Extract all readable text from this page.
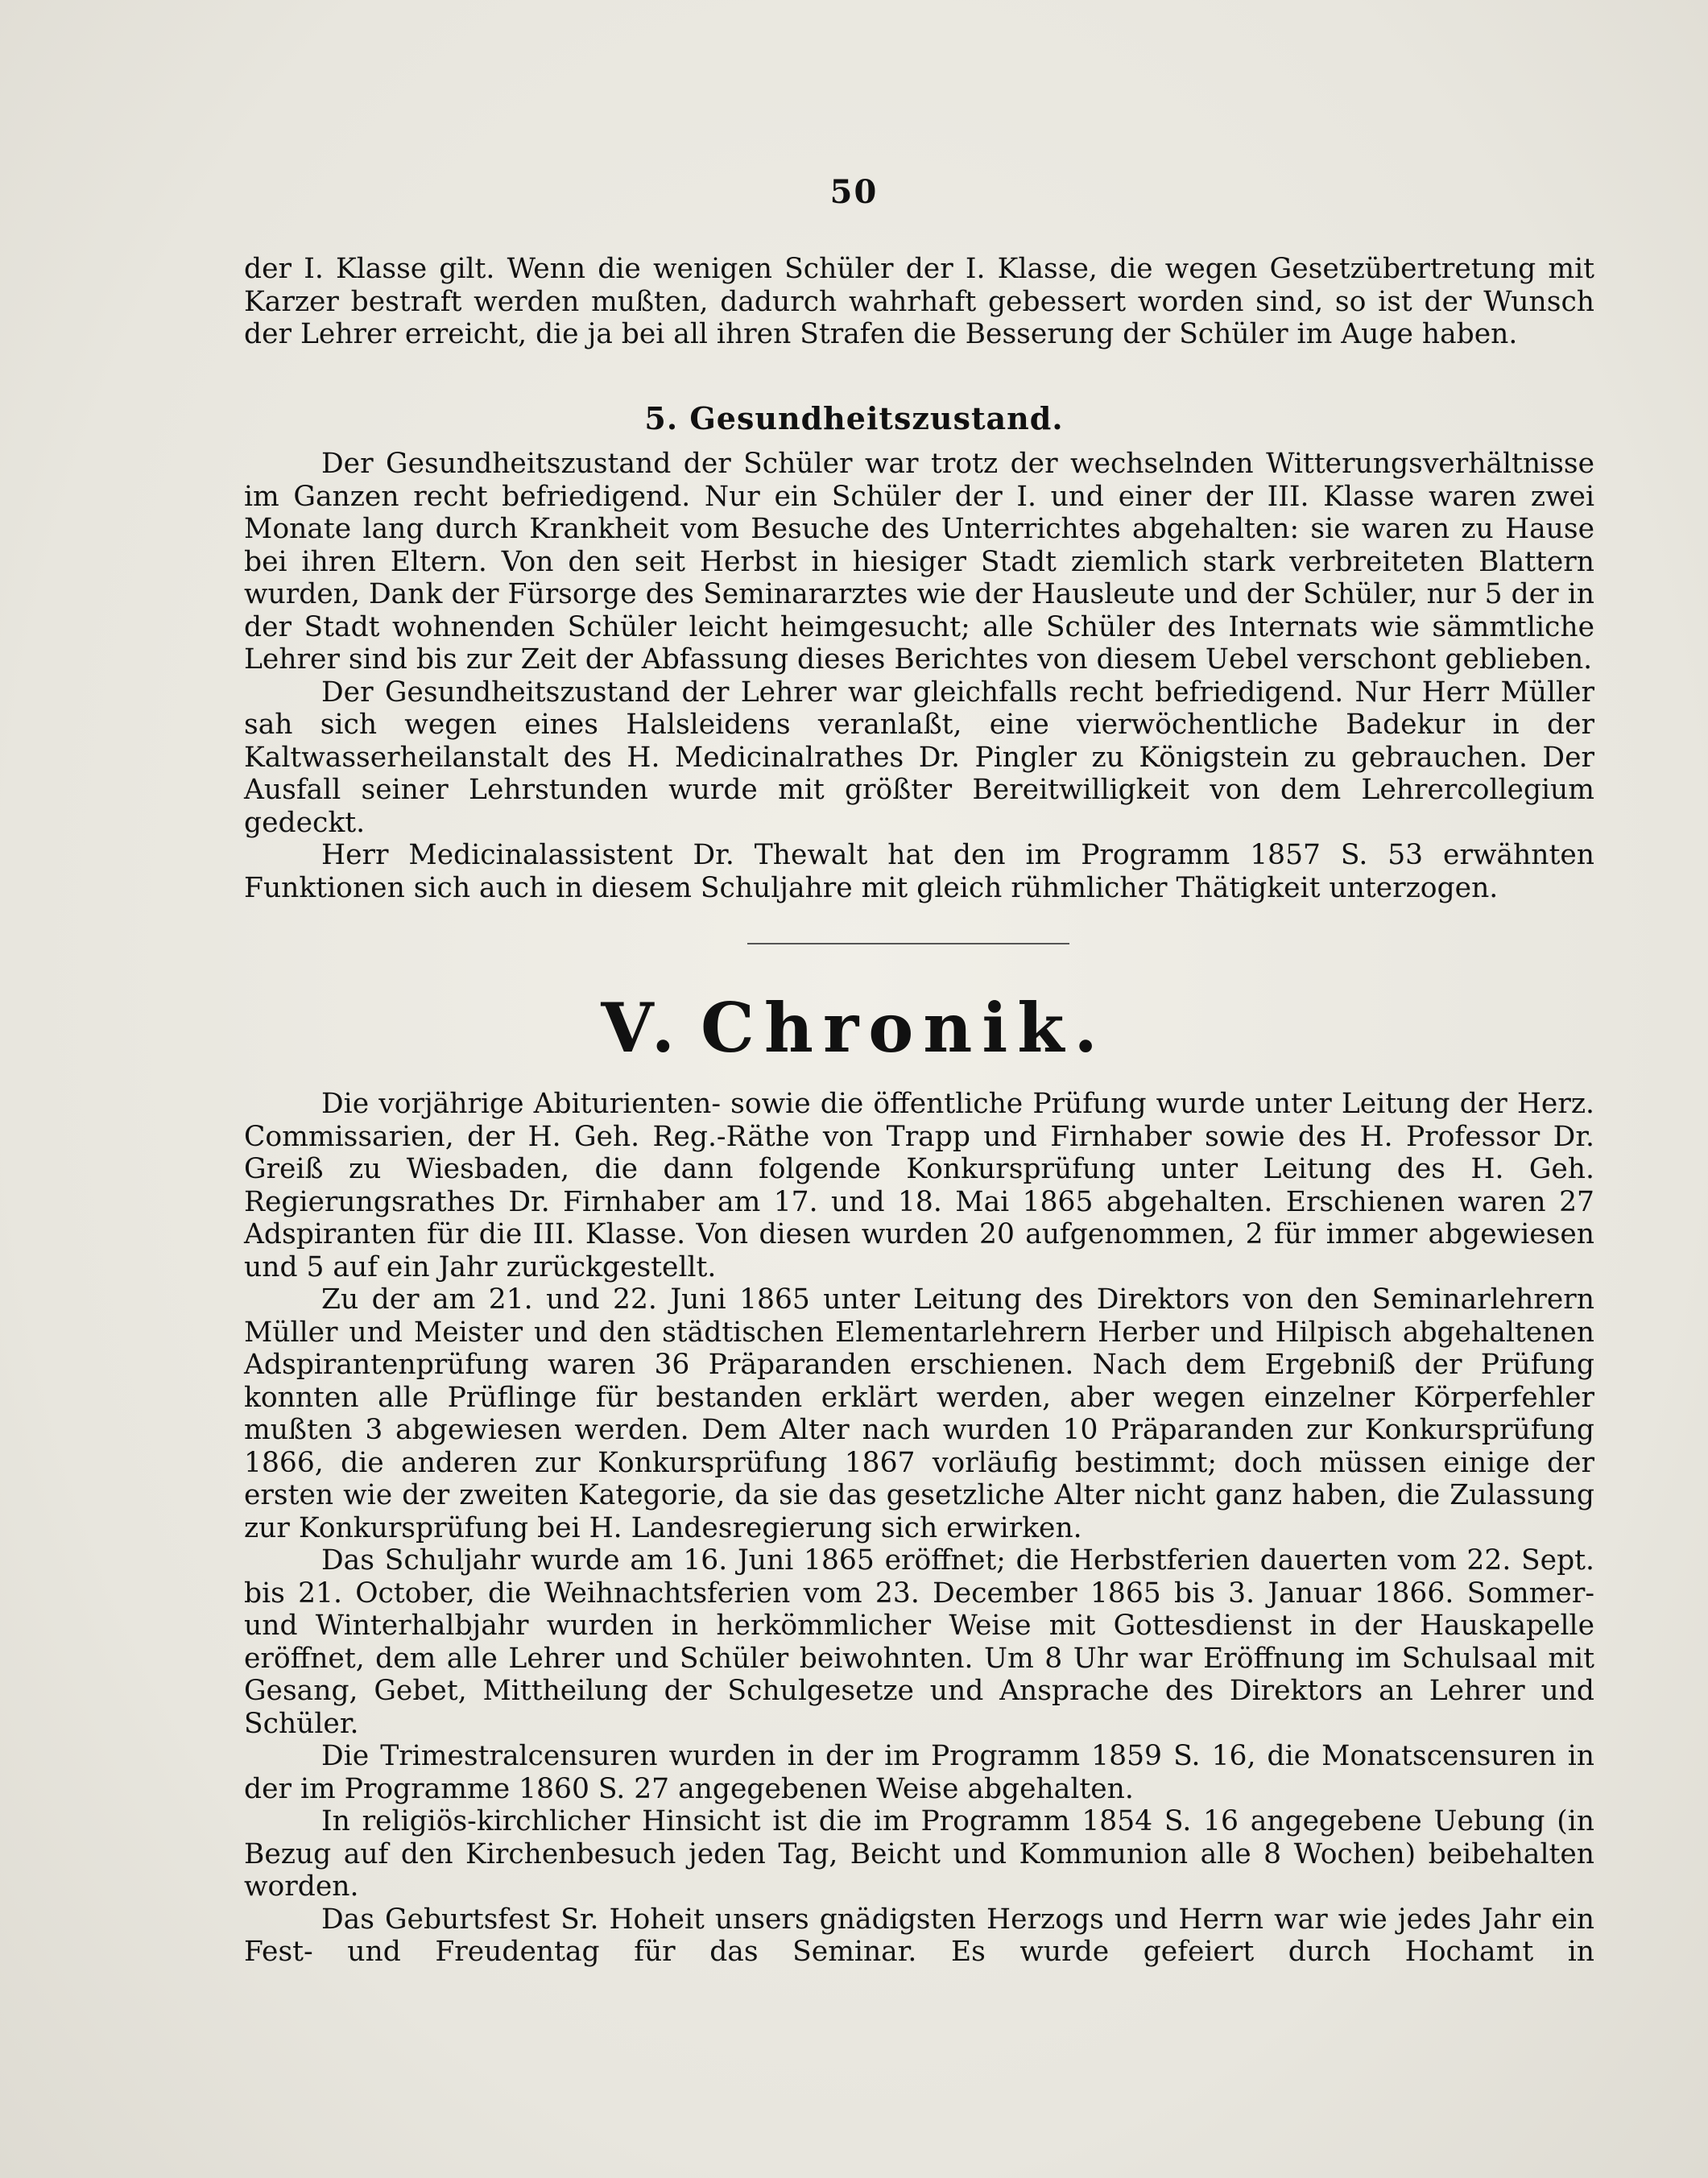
50

der I. Klasse gilt. Wenn die wenigen Schüler der I. Klasse, die wegen Gesetzübertretung mit Karzer bestraft werden mußten, dadurch wahrhaft gebessert worden sind, so ist der Wunsch der Lehrer erreicht, die ja bei all ihren Strafen die Besserung der Schüler im Auge haben.

5. Gesundheitszustand.

Der Gesundheitszustand der Schüler war trotz der wechselnden Witterungsverhältnisse im Ganzen recht befriedigend. Nur ein Schüler der I. und einer der III. Klasse waren zwei Monate lang durch Krankheit vom Besuche des Unterrichtes abgehalten: sie waren zu Hause bei ihren Eltern. Von den seit Herbst in hiesiger Stadt ziemlich stark verbreiteten Blattern wurden, Dank der Fürsorge des Seminararztes wie der Hausleute und der Schüler, nur 5 der in der Stadt wohnenden Schüler leicht heimgesucht; alle Schüler des Internats wie sämmtliche Lehrer sind bis zur Zeit der Abfassung dieses Berichtes von diesem Uebel verschont geblieben.

Der Gesundheitszustand der Lehrer war gleichfalls recht befriedigend. Nur Herr Müller sah sich wegen eines Halsleidens veranlaßt, eine vierwöchentliche Badekur in der Kaltwasserheilanstalt des H. Medicinalrathes Dr. Pingler zu Königstein zu gebrauchen. Der Ausfall seiner Lehrstunden wurde mit größter Bereitwilligkeit von dem Lehrercollegium gedeckt.

Herr Medicinalassistent Dr. Thewalt hat den im Programm 1857 S. 53 erwähnten Funktionen sich auch in diesem Schuljahre mit gleich rühmlicher Thätigkeit unterzogen.

V. Chronik.

Die vorjährige Abiturienten- sowie die öffentliche Prüfung wurde unter Leitung der Herz. Commissarien, der H. Geh. Reg.-Räthe von Trapp und Firnhaber sowie des H. Professor Dr. Greiß zu Wiesbaden, die dann folgende Konkursprüfung unter Leitung des H. Geh. Regierungsrathes Dr. Firnhaber am 17. und 18. Mai 1865 abgehalten. Erschienen waren 27 Adspiranten für die III. Klasse. Von diesen wurden 20 aufgenommen, 2 für immer abgewiesen und 5 auf ein Jahr zurückgestellt.

Zu der am 21. und 22. Juni 1865 unter Leitung des Direktors von den Seminarlehrern Müller und Meister und den städtischen Elementarlehrern Herber und Hilpisch abgehaltenen Adspirantenprüfung waren 36 Präparanden erschienen. Nach dem Ergebniß der Prüfung konnten alle Prüflinge für bestanden erklärt werden, aber wegen einzelner Körperfehler mußten 3 abgewiesen werden. Dem Alter nach wurden 10 Präparanden zur Konkursprüfung 1866, die anderen zur Konkursprüfung 1867 vorläufig bestimmt; doch müssen einige der ersten wie der zweiten Kategorie, da sie das gesetzliche Alter nicht ganz haben, die Zulassung zur Konkursprüfung bei H. Landesregierung sich erwirken.

Das Schuljahr wurde am 16. Juni 1865 eröffnet; die Herbstferien dauerten vom 22. Sept. bis 21. October, die Weihnachtsferien vom 23. December 1865 bis 3. Januar 1866. Sommer- und Winterhalbjahr wurden in herkömmlicher Weise mit Gottesdienst in der Hauskapelle eröffnet, dem alle Lehrer und Schüler beiwohnten. Um 8 Uhr war Eröffnung im Schulsaal mit Gesang, Gebet, Mittheilung der Schulgesetze und Ansprache des Direktors an Lehrer und Schüler.

Die Trimestralcensuren wurden in der im Programm 1859 S. 16, die Monatscensuren in der im Programme 1860 S. 27 angegebenen Weise abgehalten.

In religiös-kirchlicher Hinsicht ist die im Programm 1854 S. 16 angegebene Uebung (in Bezug auf den Kirchenbesuch jeden Tag, Beicht und Kommunion alle 8 Wochen) beibehalten worden.

Das Geburtsfest Sr. Hoheit unsers gnädigsten Herzogs und Herrn war wie jedes Jahr ein Fest- und Freudentag für das Seminar. Es wurde gefeiert durch Hochamt in
